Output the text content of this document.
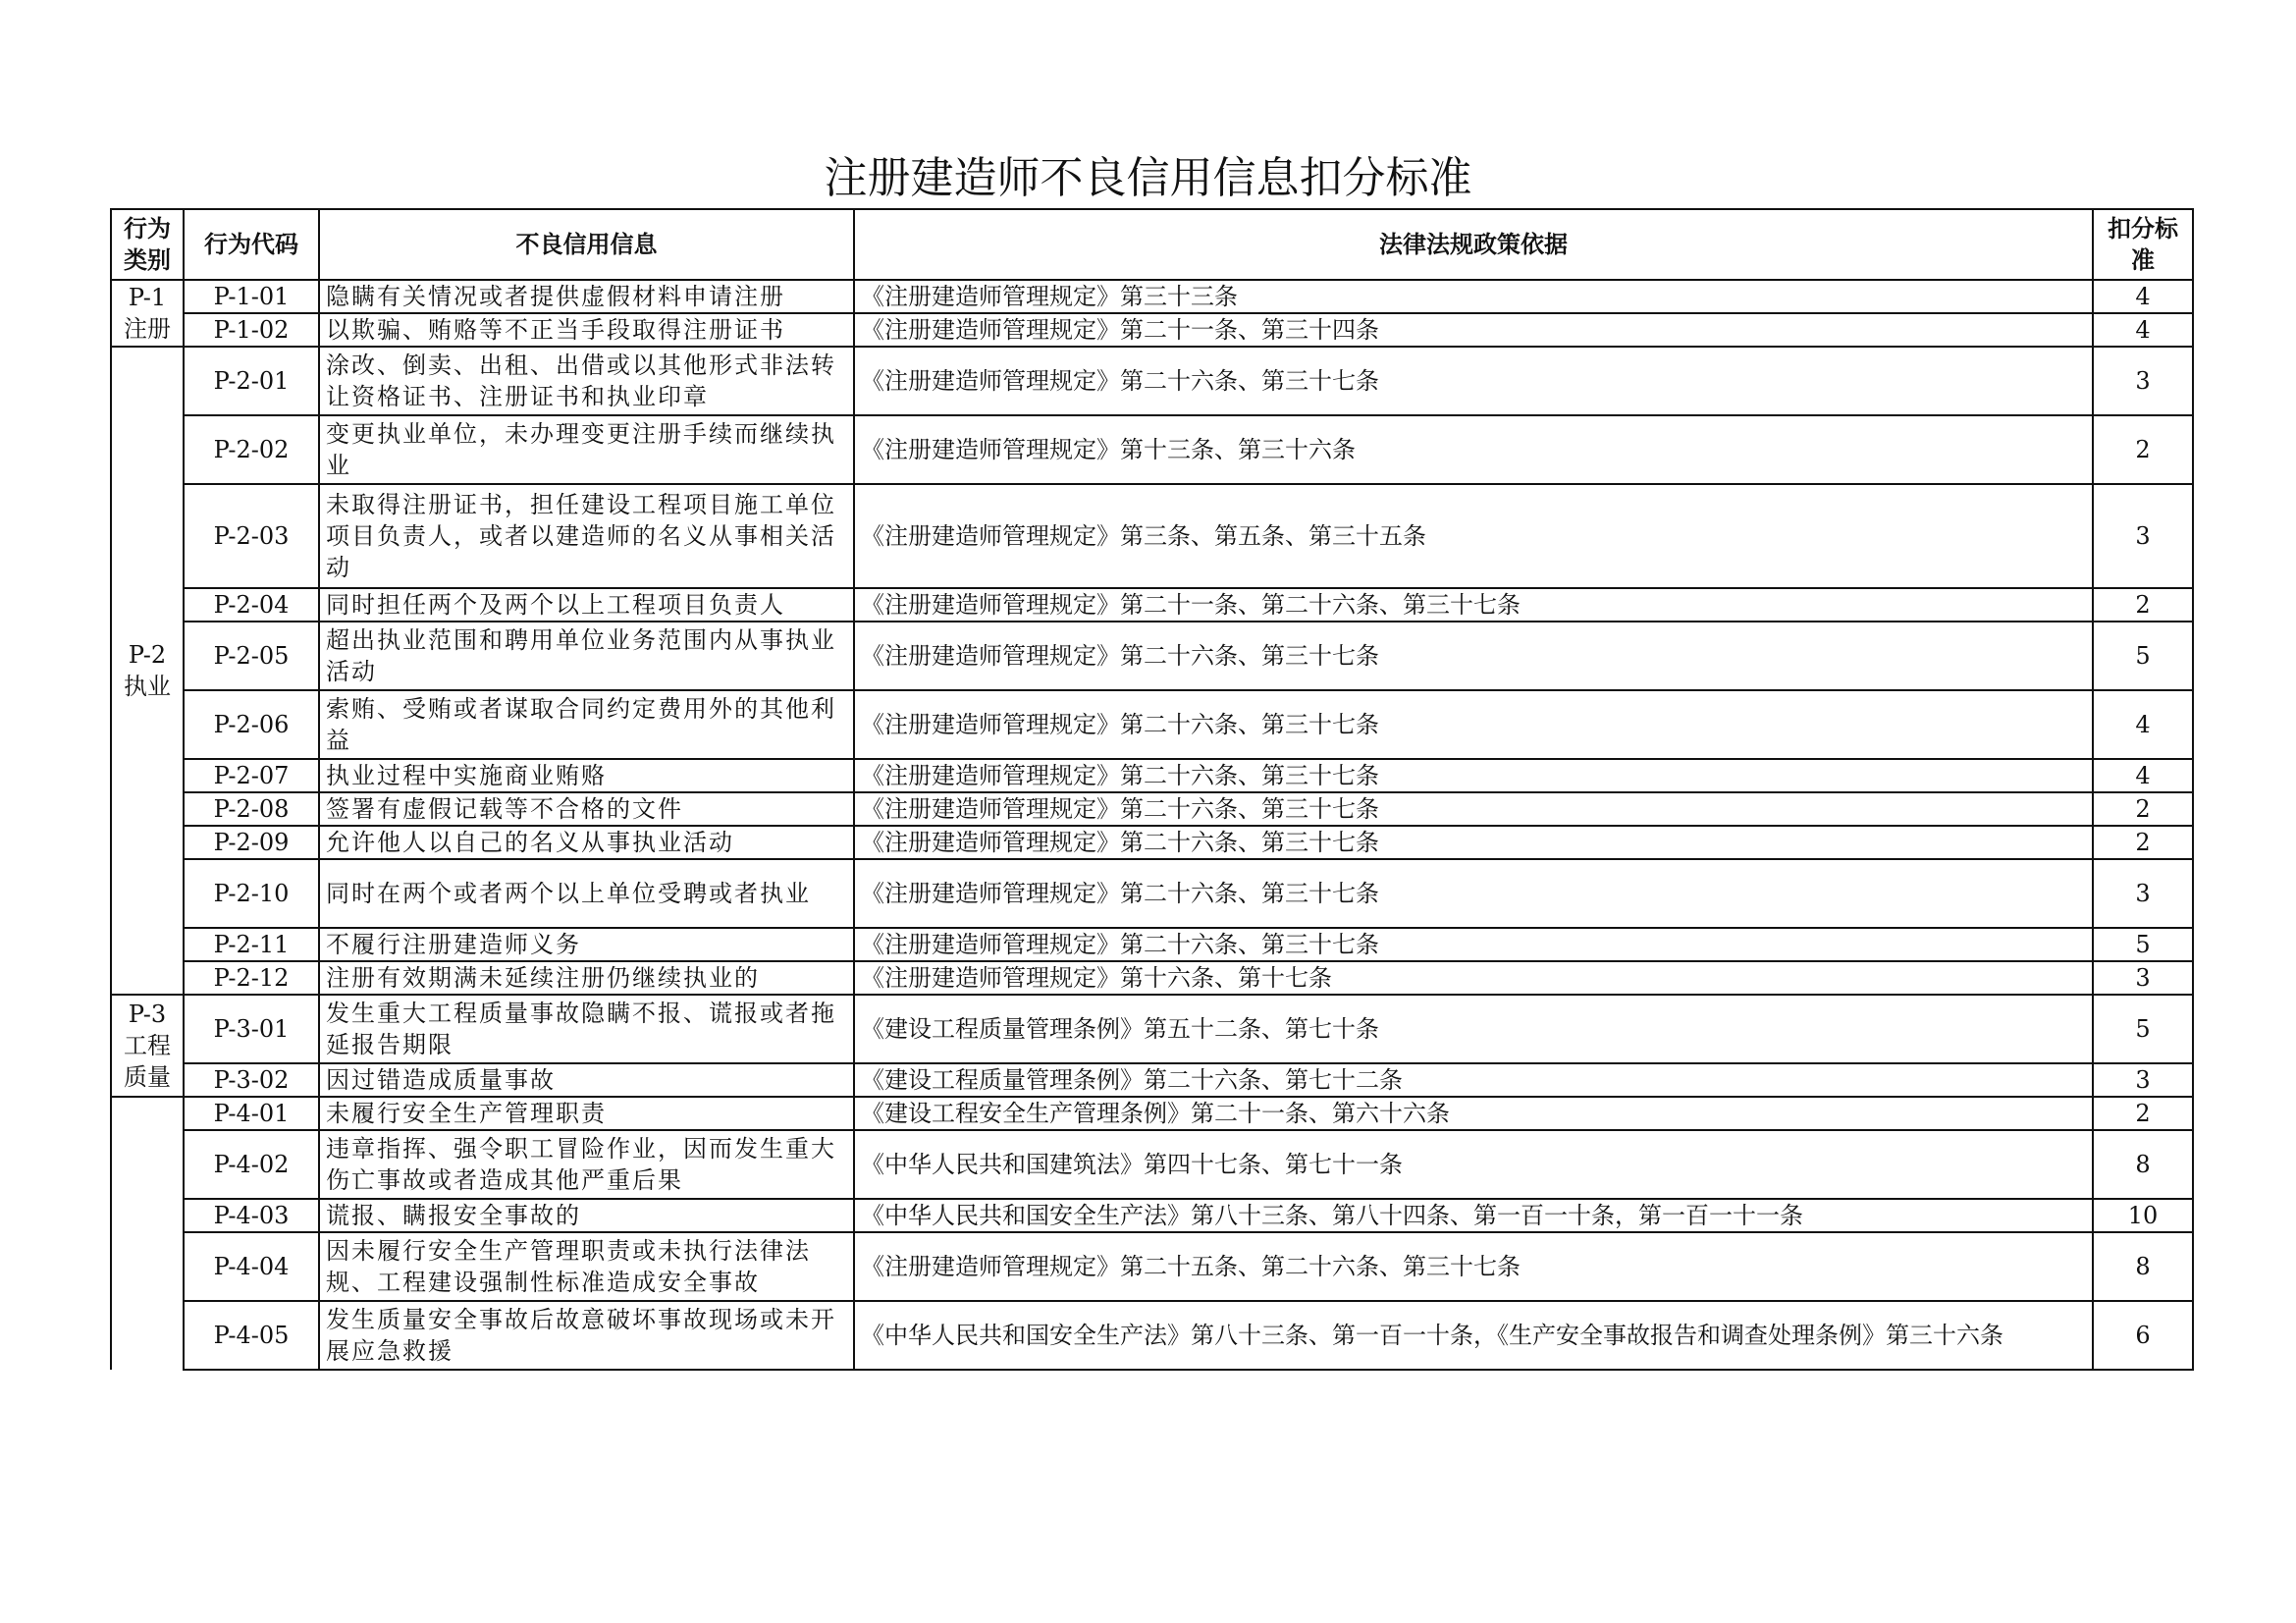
注册建造师不良信用信息扣分标准
行为类别	行为代码	不良信用信息	法律法规政策依据	扣分标准
P-1 注册	P-1-01	隐瞒有关情况或者提供虚假材料申请注册	《注册建造师管理规定》第三十三条	4
	P-1-02	以欺骗、贿赂等不正当手段取得注册证书	《注册建造师管理规定》第二十一条、第三十四条	4
P-2 执业	P-2-01	涂改、倒卖、出租、出借或以其他形式非法转让资格证书、注册证书和执业印章	《注册建造师管理规定》第二十六条、第三十七条	3
	P-2-02	变更执业单位，未办理变更注册手续而继续执业	《注册建造师管理规定》第十三条、第三十六条	2
	P-2-03	未取得注册证书，担任建设工程项目施工单位项目负责人，或者以建造师的名义从事相关活动	《注册建造师管理规定》第三条、第五条、第三十五条	3
	P-2-04	同时担任两个及两个以上工程项目负责人	《注册建造师管理规定》第二十一条、第二十六条、第三十七条	2
	P-2-05	超出执业范围和聘用单位业务范围内从事执业活动	《注册建造师管理规定》第二十六条、第三十七条	5
	P-2-06	索贿、受贿或者谋取合同约定费用外的其他利益	《注册建造师管理规定》第二十六条、第三十七条	4
	P-2-07	执业过程中实施商业贿赂	《注册建造师管理规定》第二十六条、第三十七条	4
	P-2-08	签署有虚假记载等不合格的文件	《注册建造师管理规定》第二十六条、第三十七条	2
	P-2-09	允许他人以自己的名义从事执业活动	《注册建造师管理规定》第二十六条、第三十七条	2
	P-2-10	同时在两个或者两个以上单位受聘或者执业	《注册建造师管理规定》第二十六条、第三十七条	3
	P-2-11	不履行注册建造师义务	《注册建造师管理规定》第二十六条、第三十七条	5
	P-2-12	注册有效期满未延续注册仍继续执业的	《注册建造师管理规定》第十六条、第十七条	3
P-3 工程质量	P-3-01	发生重大工程质量事故隐瞒不报、谎报或者拖延报告期限	《建设工程质量管理条例》第五十二条、第七十条	5
	P-3-02	因过错造成质量事故	《建设工程质量管理条例》第二十六条、第七十二条	3
	P-4-01	未履行安全生产管理职责	《建设工程安全生产管理条例》第二十一条、第六十六条	2
	P-4-02	违章指挥、强令职工冒险作业，因而发生重大伤亡事故或者造成其他严重后果	《中华人民共和国建筑法》第四十七条、第七十一条	8
	P-4-03	谎报、瞒报安全事故的	《中华人民共和国安全生产法》第八十三条、第八十四条、第一百一十条，第一百一十一条	10
	P-4-04	因未履行安全生产管理职责或未执行法律法规、工程建设强制性标准造成安全事故	《注册建造师管理规定》第二十五条、第二十六条、第三十七条	8
	P-4-05	发生质量安全事故后故意破坏事故现场或未开展应急救援	《中华人民共和国安全生产法》第八十三条、第一百一十条，《生产安全事故报告和调查处理条例》第三十六条	6
